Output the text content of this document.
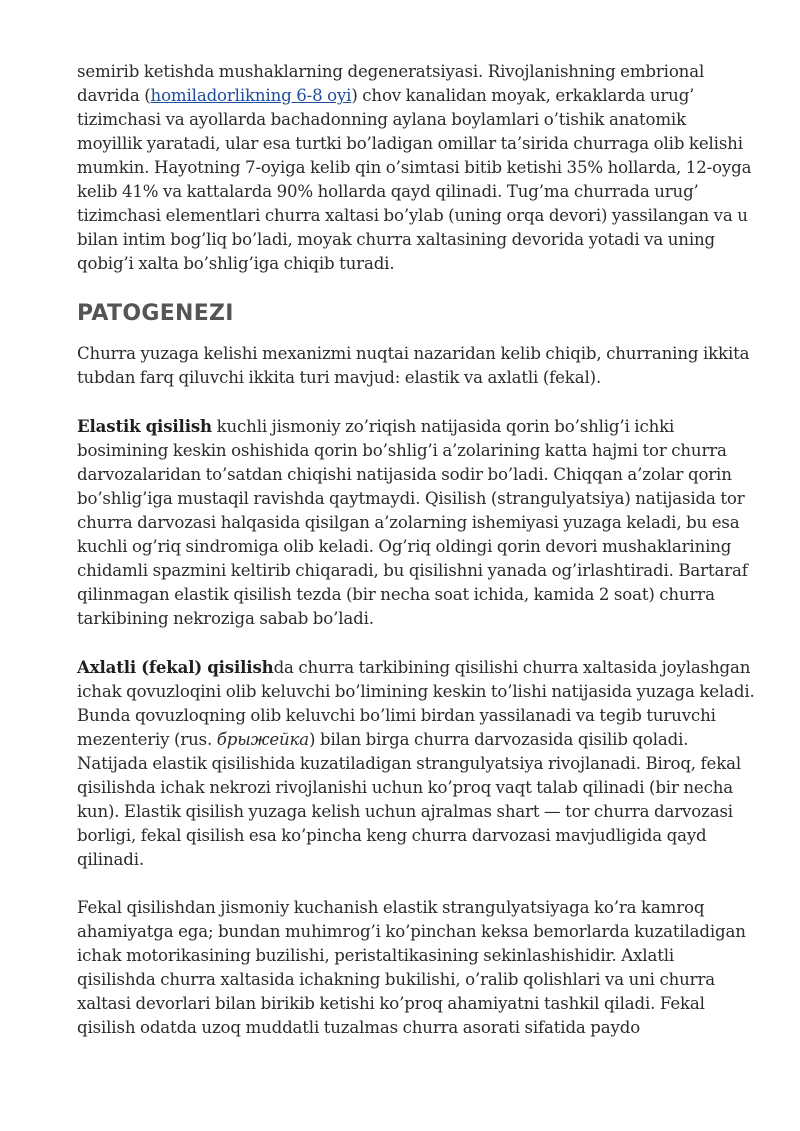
semirib ketishda mushaklarning degeneratsiyasi. Rivojlanishning embrional davrida (homiladorlikning 6-8 oyi) chov kanalidan moyak, erkaklarda urug’ tizimchasi va ayollarda bachadonning aylana boylamlari o’tishik anatomik moyillik yaratadi, ular esa turtki bo’ladigan omillar ta’sirida churraga olib kelishi mumkin. Hayotning 7-oyiga kelib qin o’simtasi bitib ketishi 35% hollarda, 12-oyga kelib 41% va kattalarda 90% hollarda qayd qilinadi. Tug’ma churrada urug’ tizimchasi elementlari churra xaltasi bo’ylab (uning orqa devori) yassilangan va u bilan intim bog’liq bo’ladi, moyak churra xaltasining devorida yotadi va uning qobig’i xalta bo’shlig’iga chiqib turadi.

PATOGENEZI

Churra yuzaga kelishi mexanizmi nuqtai nazaridan kelib chiqib, churraning ikkita tubdan farq qiluvchi ikkita turi mavjud: elastik va axlatli (fekal).

Elastik qisilish kuchli jismoniy zo’riqish natijasida qorin bo’shlig’i ichki bosimining keskin oshishida qorin bo’shlig’i a’zolarining katta hajmi tor churra darvozalaridan to’satdan chiqishi natijasida sodir bo’ladi. Chiqqan a’zolar qorin bo’shlig’iga mustaqil ravishda qaytmaydi. Qisilish (strangulyatsiya) natijasida tor churra darvozasi halqasida qisilgan a’zolarning ishemiyasi yuzaga keladi, bu esa kuchli og’riq sindromiga olib keladi. Og’riq oldingi qorin devori mushaklarining chidamli spazmini keltirib chiqaradi, bu qisilishni yanada og’irlashtiradi. Bartaraf qilinmagan elastik qisilish tezda (bir necha soat ichida, kamida 2 soat) churra tarkibining nekroziga sabab bo’ladi.

Axlatli (fekal) qisilishda churra tarkibining qisilishi churra xaltasida joylashgan ichak qovuzloqini olib keluvchi bo’limining keskin to’lishi natijasida yuzaga keladi. Bunda qovuzloqning olib keluvchi bo’limi birdan yassilanadi va tegib turuvchi mezenteriy (rus. брыжейка) bilan birga churra darvozasida qisilib qoladi. Natijada elastik qisilishida kuzatiladigan strangulyatsiya rivojlanadi. Biroq, fekal qisilishda ichak nekrozi rivojlanishi uchun ko’proq vaqt talab qilinadi (bir necha kun). Elastik qisilish yuzaga kelish uchun ajralmas shart — tor churra darvozasi borligi, fekal qisilish esa ko’pincha keng churra darvozasi mavjudligida qayd qilinadi.

Fekal qisilishdan jismoniy kuchanish elastik strangulyatsiyaga ko’ra kamroq ahamiyatga ega; bundan muhimrog’i ko’pinchan keksa bemorlarda kuzatiladigan ichak motorikasining buzilishi, peristaltikasining sekinlashishidir. Axlatli qisilishda churra xaltasida ichakning bukilishi, o’ralib qolishlari va uni churra xaltasi devorlari bilan birikib ketishi ko’proq ahamiyatni tashkil qiladi. Fekal qisilish odatda uzoq muddatli tuzalmas churra asorati sifatida paydo
